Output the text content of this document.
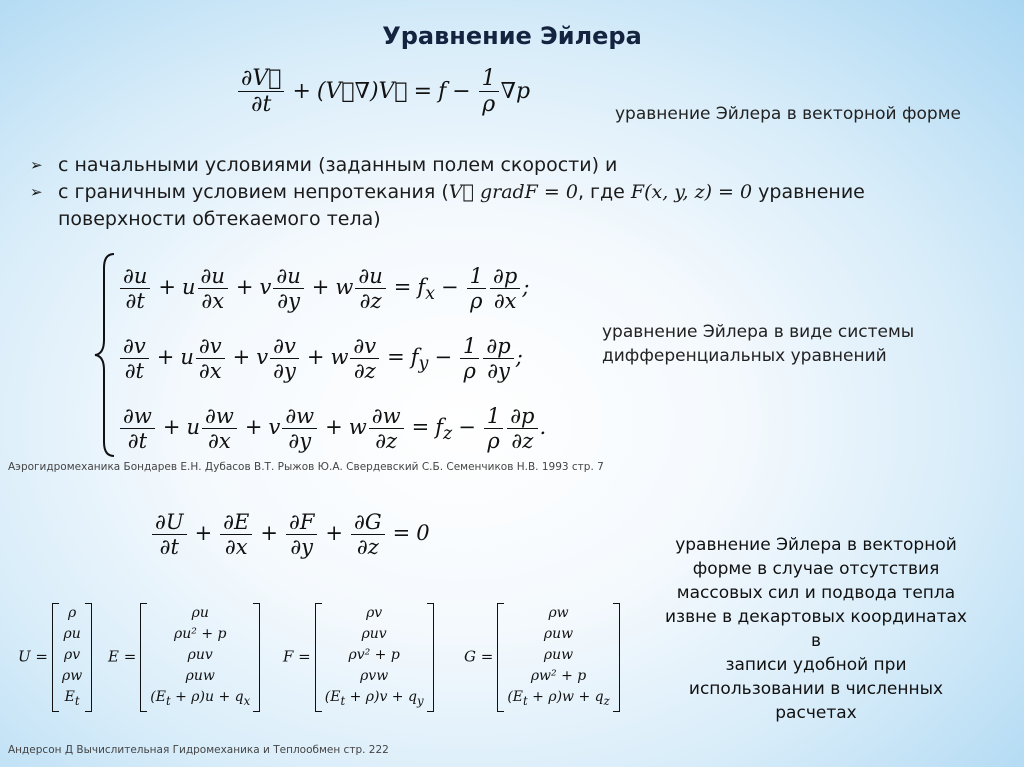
Уравнение Эйлера
$\frac{\partial V⃗}{\partial t}$ + (V⃗∇)V⃗ = $f - \frac{1}{\rho} \nabla p$
уравнение Эйлера в векторной форме
➢ с начальными условиями (заданным полем скорости) и
➢ с граничным условием непротекания (V⃗ gradF = 0, где F(x, y, z) = 0 уравнение
поверхности обтекаемого тела)
$\frac{\partial u}{\partial t} + u \frac{\partial u}{\partial x} + v \frac{\partial u}{\partial y} + w \frac{\partial u}{\partial z} = f_x - \frac{1}{\rho} \frac{\partial p}{\partial x}$ ;
$\frac{\partial v}{\partial t} + u \frac{\partial v}{\partial x} + v \frac{\partial v}{\partial y} + w \frac{\partial v}{\partial z} = f_y - \frac{1}{\rho} \frac{\partial p}{\partial y}$ ;
$\frac{\partial w}{\partial t} + u \frac{\partial w}{\partial x} + v \frac{\partial w}{\partial y} + w \frac{\partial w}{\partial z} = f_z - \frac{1}{\rho} \frac{\partial p}{\partial z}$ .
уравнение Эйлера в виде системы
дифференциальных уравнений
Аэрогидромеханика Бондарев Е.Н. Дубасов В.Т. Рыжов Ю.А. Свердевский С.Б. Семенчиков Н.В. 1993 стр. 7
$\frac{\partial U}{\partial t} + \frac{\partial E}{\partial x} + \frac{\partial F}{\partial y} + \frac{\partial G}{\partial z} = 0$	уравнение Эйлера в векторной
форме в случае отсутствия
массовых сил и подвода тепла
извне в декартовых координатах в
записи удобной при
использовании в численных
расчетах
U =
ρ
ρu
ρv
ρw
$E_t$
E =
ρu
ρu² + p
ρuv
ρuw
$(E_t + \rho)u + q_x$
F =
ρv
ρuv
ρv² + p
ρvw
$(E_t + \rho)v + q_y$
G =
ρw
ρuw
ρuw
ρw² + p
$(E_t + \rho)w + q_z$
Андерсон Д Вычислительная Гидромеханика и Теплообмен стр. 222
